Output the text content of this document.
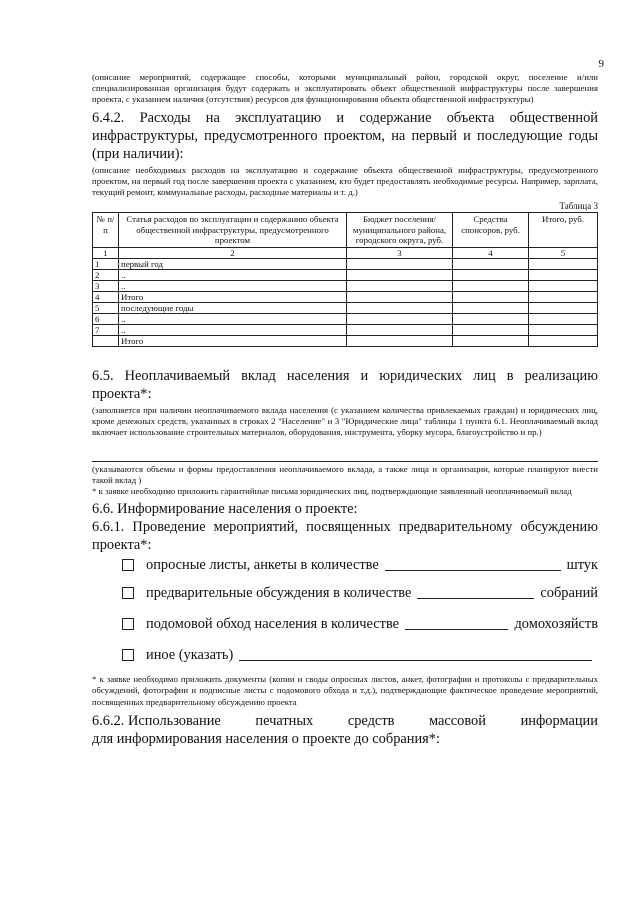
9
(описание мероприятий, содержащее способы, которыми муниципальный район, городской округ, поселение и/или специализированная организация будут содержать и эксплуатировать объект общественной инфраструктуры после завершения проекта, с указанием наличия (отсутствия) ресурсов для функционирования объекта общественной инфраструктуры)
6.4.2. Расходы на эксплуатацию и содержание объекта общественной инфраструктуры, предусмотренного проектом, на первый и последующие годы (при наличии):
(описание необходимых расходов на эксплуатацию и содержание объекта общественной инфраструктуры, предусмотренного проектом, на первый год после завершения проекта с указанием, кто будет предоставлять необходимые ресурсы. Например, зарплата, текущий ремонт, коммунальные расходы, расходные материалы и т. д.)
Таблица 3
№ п/п	Статья расходов по эксплуатации и содержанию объекта общественной инфраструктуры, предусмотренного проектом	Бюджет поселения/ муниципального района, городского округа, руб.	Средства спонсоров, руб.	Итого, руб.
1	2	3	4	5
1	первый год			
2	..			
3	..			
4	Итого			
5	последующие годы			
6	..			
7	..			
	Итого			
6.5. Неоплачиваемый вклад населения и юридических лиц в реализацию проекта*:
(заполняется при наличии неоплачиваемого вклада населения (с указанием количества привлекаемых граждан) и юридических лиц, кроме денежных средств, указанных в строках 2 "Население" и 3 "Юридические лица" таблицы 1 пункта 6.1. Неоплачиваемый вклад включает использование строительных материалов, оборудования, инструмента, уборку мусора, благоустройство и пр.)
(указываются объемы и формы предоставления неоплачиваемого вклада, а также лица и организации, которые планируют внести такой вклад )
* к заявке необходимо приложить гарантийные письма юридических лиц, подтверждающие заявленный неоплачиваемый вклад
6.6. Информирование населения о проекте:
6.6.1. Проведение мероприятий, посвященных предварительному обсуждению проекта*:
опросные листы, анкеты в количестве	штук
предварительные обсуждения в количестве	собраний
подомовой обход населения в количестве	домохозяйств
иное (указать)
* к заявке необходимо приложить документы (копии и своды опросных листов, анкет, фотографии и протоколы с предварительных обсуждений, фотографии и подписные листы с подомового обхода и т.д.), подтверждающие фактическое проведение мероприятий, посвященных предварительному обсуждению проекта
6.6.2. Использование печатных средств массовой информации
для информирования населения о проекте до собрания*:
